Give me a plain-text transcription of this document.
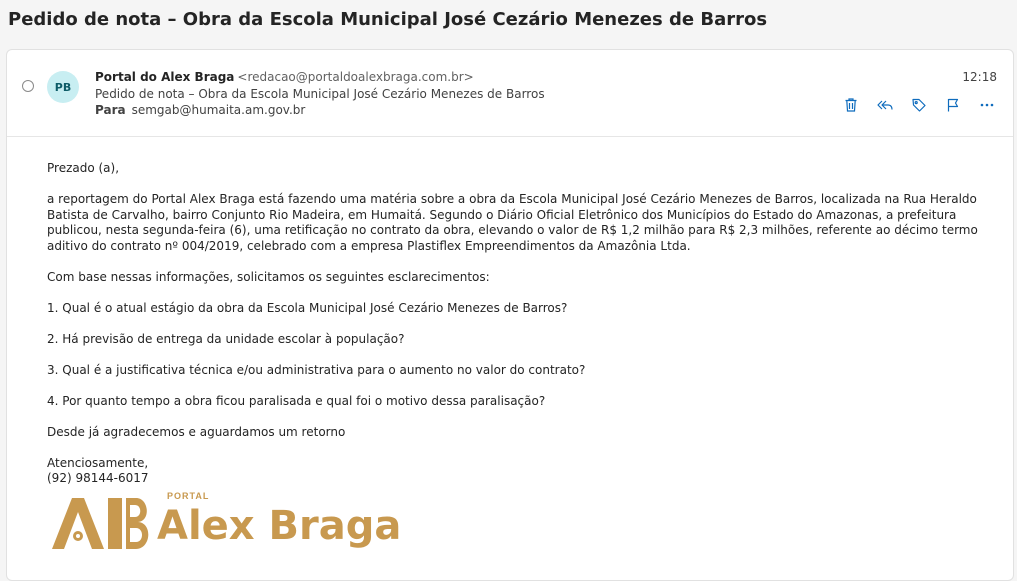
Pedido de nota – Obra da Escola Municipal José Cezário Menezes de Barros
PB
Portal do Alex Braga <redacao@portaldoalexbraga.com.br>
Pedido de nota – Obra da Escola Municipal José Cezário Menezes de Barros
Para semgab@humaita.am.gov.br
12:18

Prezado (a),

a reportagem do Portal Alex Braga está fazendo uma matéria sobre a obra da Escola Municipal José Cezário Menezes de Barros, localizada na Rua Heraldo Batista de Carvalho, bairro Conjunto Rio Madeira, em Humaitá. Segundo o Diário Oficial Eletrônico dos Municípios do Estado do Amazonas, a prefeitura publicou, nesta segunda-feira (6), uma retificação no contrato da obra, elevando o valor de R$ 1,2 milhão para R$ 2,3 milhões, referente ao décimo termo aditivo do contrato nº 004/2019, celebrado com a empresa Plastiflex Empreendimentos da Amazônia Ltda.

Com base nessas informações, solicitamos os seguintes esclarecimentos:

1. Qual é o atual estágio da obra da Escola Municipal José Cezário Menezes de Barros?

2. Há previsão de entrega da unidade escolar à população?

3. Qual é a justificativa técnica e/ou administrativa para o aumento no valor do contrato?

4. Por quanto tempo a obra ficou paralisada e qual foi o motivo dessa paralisação?

Desde já agradecemos e aguardamos um retorno

Atenciosamente,

(92) 98144-6017

PORTAL
Alex Braga
